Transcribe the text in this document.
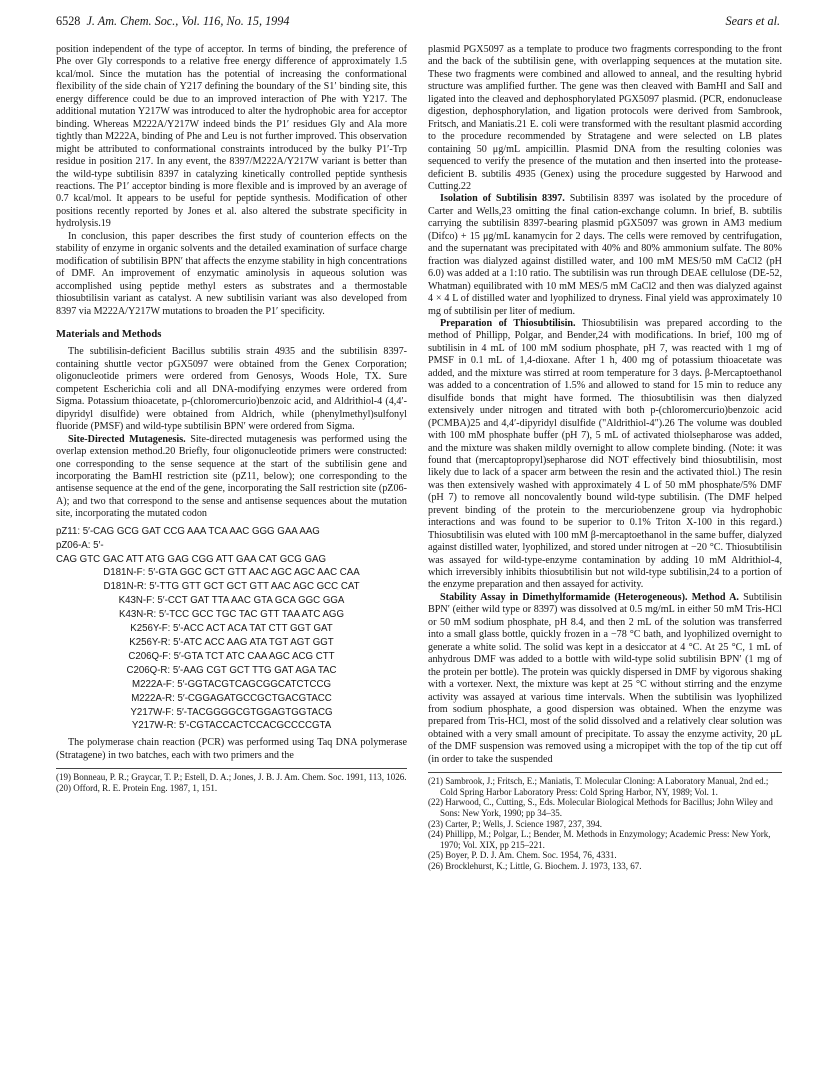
6528 J. Am. Chem. Soc., Vol. 116, No. 15, 1994	Sears et al.

position independent of the type of acceptor. In terms of binding, the preference of Phe over Gly corresponds to a relative free energy difference of approximately 1.5 kcal/mol. Since the mutation has the potential of increasing the conformational flexibility of the side chain of Y217 defining the boundary of the S1′ binding site, this energy difference could be due to an improved interaction of Phe with Y217. The additional mutation Y217W was introduced to alter the hydrophobic area for acceptor binding. Whereas M222A/Y217W indeed binds the P1′ residues Gly and Ala more tightly than M222A, binding of Phe and Leu is not further improved. This observation might be attributed to conformational constraints introduced by the bulky P1′-Trp residue in position 217. In any event, the 8397/M222A/Y217W variant is better than the wild-type subtilisin 8397 in catalyzing kinetically controlled peptide synthesis reactions. The P1′ acceptor binding is more flexible and is improved by an average of 0.7 kcal/mol. It appears to be useful for peptide synthesis. Modification of other positions recently reported by Jones et al. also altered the substrate specificity in hydrolysis.19

In conclusion, this paper describes the first study of counterion effects on the stability of enzyme in organic solvents and the detailed examination of surface charge modification of subtilisin BPN′ that affects the enzyme stability in high concentrations of DMF. An improvement of enzymatic aminolysis in aqueous solution was accomplished using peptide methyl esters as substrates and a thermostable thiosubtilisin variant as catalyst. A new subtilisin variant was also developed from 8397 via M222A/Y217W mutations to broaden the P1′ specificity.

Materials and Methods

The subtilisin-deficient Bacillus subtilis strain 4935 and the subtilisin 8397-containing shuttle vector pGX5097 were obtained from the Genex Corporation; oligonucleotide primers were ordered from Genosys, Woods Hole, TX. Sure competent Escherichia coli and all DNA-modifying enzymes were ordered from Sigma. Potassium thioacetate, p-(chloromercurio)benzoic acid, and Aldrithiol-4 (4,4′-dipyridyl disulfide) were obtained from Aldrich, while (phenylmethyl)sulfonyl fluoride (PMSF) and wild-type subtilisin BPN′ were ordered from Sigma.

Site-Directed Mutagenesis. Site-directed mutagenesis was performed using the overlap extension method.20 Briefly, four oligonucleotide primers were constructed: one corresponding to the sense sequence at the start of the subtilisin gene and incorporating the BamHI restriction site (pZ11, below); one corresponding to the antisense sequence at the end of the gene, incorporating the SalI restriction site (pZ06-A); and two that correspond to the sense and antisense sequences about the mutation site, incorporating the mutated codon

pZ11: 5′-CAG GCG GAT CCG AAA TCA AAC GGG GAA AAG
pZ06-A: 5′-
CAG GTC GAC ATT ATG GAG CGG ATT GAA CAT GCG GAG
D181N-F: 5′-GTA GGC GCT GTT AAC AGC AGC AAC CAA
D181N-R: 5′-TTG GTT GCT GCT GTT AAC AGC GCC CAT
K43N-F: 5′-CCT GAT TTA AAC GTA GCA GGC GGA
K43N-R: 5′-TCC GCC TGC TAC GTT TAA ATC AGG
K256Y-F: 5′-ACC ACT ACA TAT CTT GGT GAT
K256Y-R: 5′-ATC ACC AAG ATA TGT AGT GGT
C206Q-F: 5′-GTA TCT ATC CAA AGC ACG CTT
C206Q-R: 5′-AAG CGT GCT TTG GAT AGA TAC
M222A-F: 5′-GGTACGTCAGCGGCATCTCCG
M222A-R: 5′-CGGAGATGCCGCTGACGTACC
Y217W-F: 5′-TACGGGGCGTGGAGTGGTACG
Y217W-R: 5′-CGTACCACTCCACGCCCCGTA

The polymerase chain reaction (PCR) was performed using Taq DNA polymerase (Stratagene) in two batches, each with two primers and the

(19) Bonneau, P. R.; Graycar, T. P.; Estell, D. A.; Jones, J. B. J. Am. Chem. Soc. 1991, 113, 1026.
(20) Offord, R. E. Protein Eng. 1987, 1, 151.

plasmid PGX5097 as a template to produce two fragments corresponding to the front and the back of the subtilisin gene, with overlapping sequences at the mutation site. These two fragments were combined and allowed to anneal, and the resulting hybrid structure was amplified further. The gene was then cleaved with BamHI and SalI and ligated into the cleaved and dephosphorylated PGX5097 plasmid. (PCR, endonuclease digestion, dephosphorylation, and ligation protocols were derived from Sambrook, Fritsch, and Maniatis.21 E. coli were transformed with the resultant plasmid according to the procedure recommended by Stratagene and were selected on LB plates containing 50 μg/mL ampicillin. Plasmid DNA from the resulting colonies was sequenced to verify the presence of the mutation and then inserted into the protease-deficient B. subtilis 4935 (Genex) using the procedure suggested by Harwood and Cutting.22

Isolation of Subtilisin 8397. Subtilisin 8397 was isolated by the procedure of Carter and Wells,23 omitting the final cation-exchange column. In brief, B. subtilis carrying the subtilisin 8397-bearing plasmid pGX5097 was grown in AM3 medium (Difco) + 15 μg/mL kanamycin for 2 days. The cells were removed by centrifugation, and the supernatant was precipitated with 40% and 80% ammonium sulfate. The 80% fraction was dialyzed against distilled water, and 100 mM MES/50 mM CaCl2 (pH 6.0) was added at a 1:10 ratio. The subtilisin was run through DEAE cellulose (DE-52, Whatman) equilibrated with 10 mM MES/5 mM CaCl2 and then was dialyzed against 4 × 4 L of distilled water and lyophilized to dryness. Final yield was approximately 10 mg of subtilisin per liter of medium.

Preparation of Thiosubtilisin. Thiosubtilisin was prepared according to the method of Phillipp, Polgar, and Bender,24 with modifications. In brief, 100 mg of subtilisin in 4 mL of 100 mM sodium phosphate, pH 7, was reacted with 1 mg of PMSF in 0.1 mL of 1,4-dioxane. After 1 h, 400 mg of potassium thioacetate was added, and the mixture was stirred at room temperature for 3 days. β-Mercaptoethanol was added to a concentration of 1.5% and allowed to stand for 15 min to reduce any disulfide bonds that might have formed. The thiosubtilisin was then dialyzed extensively under nitrogen and titrated with both p-(chloromercurio)benzoic acid (PCMBA)25 and 4,4′-dipyridyl disulfide ("Aldrithiol-4").26 The volume was doubled with 100 mM phosphate buffer (pH 7), 5 mL of activated thiolsepharose was added, and the mixture was shaken mildly overnight to allow complete binding. (Note: it was found that (mercaptopropyl)sepharose did NOT effectively bind thiosubtilisin, most likely due to lack of a spacer arm between the resin and the activated thiol.) The resin was then extensively washed with approximately 4 L of 50 mM phosphate/5% DMF (pH 7) to remove all noncovalently bound wild-type subtilisin. (The DMF helped prevent binding of the protein to the mercuriobenzene group via hydrophobic interactions and was found to be superior to 0.1% Triton X-100 in this regard.) Thiosubtilisin was eluted with 100 mM β-mercaptoethanol in the same buffer, dialyzed against distilled water, lyophilized, and stored under nitrogen at −20 °C. Thiosubtilisin was assayed for wild-type-enzyme contamination by adding 10 mM Aldrithiol-4, which irreversibly inhibits thiosubtilisin but not wild-type subtilisin,24 to a portion of the enzyme preparation and then assayed for activity.

Stability Assay in Dimethylformamide (Heterogeneous). Method A. Subtilisin BPN′ (either wild type or 8397) was dissolved at 0.5 mg/mL in either 50 mM Tris-HCl or 50 mM sodium phosphate, pH 8.4, and then 2 mL of the solution was transferred into a small glass bottle, quickly frozen in a −78 °C bath, and lyophilized overnight to generate a white solid. The solid was kept in a desiccator at 4 °C. At 25 °C, 1 mL of anhydrous DMF was added to a bottle with wild-type solid subtilisin BPN′ (1 mg of the protein per bottle). The protein was quickly dispersed in DMF by vigorous shaking with a vortexer. Next, the mixture was kept at 25 °C without stirring and the enzyme activity was assayed at various time intervals. When the subtilisin was lyophilized from sodium phosphate, a good dispersion was obtained. When the enzyme was prepared from Tris-HCl, most of the solid dissolved and a relatively clear solution was obtained with a very small amount of precipitate. To assay the enzyme activity, 20 μL of the DMF suspension was removed using a micropipet with the top of the tip cut off (in order to take the suspended

(21) Sambrook, J.; Fritsch, E.; Maniatis, T. Molecular Cloning: A Laboratory Manual, 2nd ed.; Cold Spring Harbor Laboratory Press: Cold Spring Harbor, NY, 1989; Vol. 1.
(22) Harwood, C., Cutting, S., Eds. Molecular Biological Methods for Bacillus; John Wiley and Sons: New York, 1990; pp 34–35.
(23) Carter, P.; Wells, J. Science 1987, 237, 394.
(24) Phillipp, M.; Polgar, L.; Bender, M. Methods in Enzymology; Academic Press: New York, 1970; Vol. XIX, pp 215–221.
(25) Boyer, P. D. J. Am. Chem. Soc. 1954, 76, 4331.
(26) Brocklehurst, K.; Little, G. Biochem. J. 1973, 133, 67.
